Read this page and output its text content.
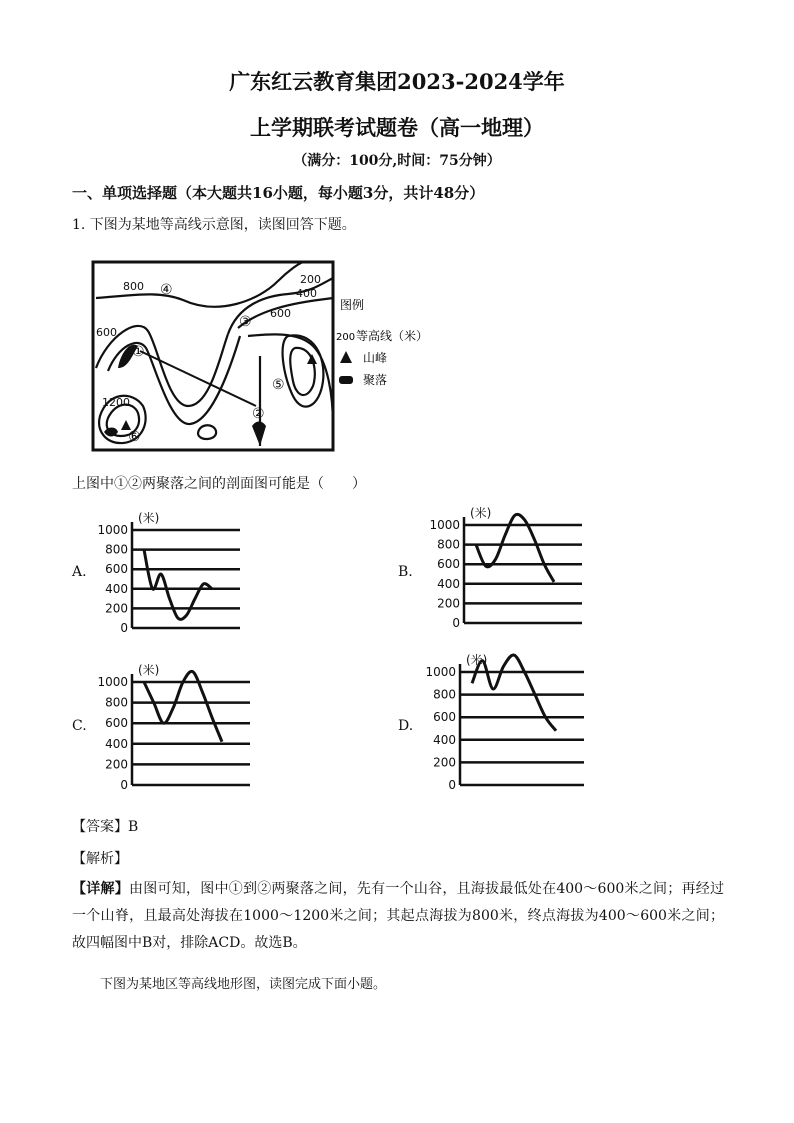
广东红云教育集团2023-2024学年
上学期联考试题卷（高一地理）
（满分：100分,时间：75分钟）
一、单项选择题（本大题共16小题，每小题3分，共计48分）
1. 下图为某地等高线示意图，读图回答下题。
800
200
400
600
1200
600
④
③
①
⑤
②
⑥
图例
200 等高线（米）
山峰
聚落
上图中①②两聚落之间的剖面图可能是（　　）
A.	B.
C.	D.
(米)
0
200
400
600
800
1000
(米)
0
200
400
600
800
1000
(米)
0
200
400
600
800
1000
(米)
0
200
400
600
800
1000
【答案】B
【解析】
【详解】由图可知，图中①到②两聚落之间，先有一个山谷，且海拔最低处在400～600米之间；再经过一个山脊，且最高处海拔在1000～1200米之间；其起点海拔为800米，终点海拔为400～600米之间；故四幅图中B对，排除ACD。故选B。
下图为某地区等高线地形图，读图完成下面小题。
